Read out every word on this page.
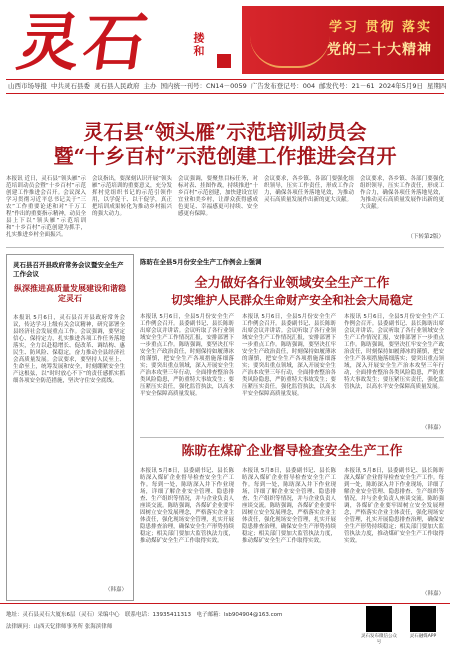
灵石	搂和
学习 贯彻 落实
党的二十大精神
山西市场导报 中共灵石县委 灵石县人民政府 主办 国内统一刊号：CN14－0059 广告发布登记号：004 邮发代号：21－61 2024年5月9日 星期四
灵石县“领头雁”示范培训动员会
暨“十乡百村”示范创建工作推进会召开
本报讯 近日，灵石县“领头雁”示范培训动员会暨“十乡百村”示范创建工作推进会召开。会议深入学习贯彻习近平总书记关于“三农”工作重要论述和对“千万工程”作出的重要指示精神，动员全县上下以“领头雁”示范培训和“十乡百村”示范创建为抓手，扎实推进乡村全面振兴。
会议指出，要深刻认识开展“领头雁”示范培训的重要意义，充分发挥村党组织书记的示范引领作用，以学促干、以干促学，真正把培训成果转化为推动乡村振兴的强大动力。
会议强调，要聚焦目标任务，对标对表、挂图作战，持续推进“十乡百村”示范创建，加快建设宜居宜业和美乡村，让群众获得感成色更足、幸福感更可持续、安全感更有保障。
会议要求，各乡镇、各部门要强化组织领导，压实工作责任，形成工作合力，确保各项任务落地见效，为推动灵石高质量发展作出新的更大贡献。
会议要求，各乡镇、各部门要强化组织领导，压实工作责任，形成工作合力，确保各项任务落地见效，为推动灵石高质量发展作出新的更大贡献。
（下转第2版）
灵石县召开县政府常务会议暨安全生产工作会议
纵深推进高质量发展建设和谐稳定灵石
本报讯 5月6日，灵石县召开县政府常务会议，传达学习上级有关会议精神，研究部署全县经济社会发展重点工作。会议强调，要坚定信心、保持定力，扎实推进各项工作任务落地落实，全力以赴稳增长、促改革、调结构、惠民生、防风险、保稳定，奋力推动全县经济社会高质量发展。会议要求，要坚持人民至上、生命至上，统筹发展和安全，时刻绷紧安全生产这根弦，以“时时放心不下”的责任感抓实抓细各项安全防范措施，坚决守住安全底线。
（韩嘉）
陈昉在全县5月份安全生产工作例会上强调
全力做好各行业领域安全生产工作
切实维护人民群众生命财产安全和社会大局稳定
本报讯 5月6日，全县5月份安全生产工作例会召开。县委副书记、县长陈昉出席会议并讲话。会议听取了各行业领域安全生产工作情况汇报，安排部署下一步重点工作。陈昉强调，要坚决扛牢安全生产政治责任，时刻保持如履薄冰的谨慎，把安全生产各项措施落细落实；要突出重点领域，深入开展安全生产治本攻坚三年行动，全面排查整治各类风险隐患，严防重特大事故发生；要压紧压实责任，强化监管执法，以高水平安全保障高质量发展。
本报讯 5月6日，全县5月份安全生产工作例会召开。县委副书记、县长陈昉出席会议并讲话。会议听取了各行业领域安全生产工作情况汇报，安排部署下一步重点工作。陈昉强调，要坚决扛牢安全生产政治责任，时刻保持如履薄冰的谨慎，把安全生产各项措施落细落实；要突出重点领域，深入开展安全生产治本攻坚三年行动，全面排查整治各类风险隐患，严防重特大事故发生；要压紧压实责任，强化监管执法，以高水平安全保障高质量发展。
本报讯 5月6日，全县5月份安全生产工作例会召开。县委副书记、县长陈昉出席会议并讲话。会议听取了各行业领域安全生产工作情况汇报，安排部署下一步重点工作。陈昉强调，要坚决扛牢安全生产政治责任，时刻保持如履薄冰的谨慎，把安全生产各项措施落细落实；要突出重点领域，深入开展安全生产治本攻坚三年行动，全面排查整治各类风险隐患，严防重特大事故发生；要压紧压实责任，强化监管执法，以高水平安全保障高质量发展。
（韩嘉）
陈昉在煤矿企业督导检查安全生产工作
本报讯 5月8日，县委副书记、县长陈昉深入煤矿企业督导检查安全生产工作。每到一处，陈昉深入井下作业现场，详细了解企业安全管理、隐患排查、生产组织等情况，并与企业负责人座谈交流。陈昉强调，各煤矿企业要牢固树立安全发展理念，严格落实企业主体责任，强化现场安全管理，扎实开展隐患排查治理，确保安全生产形势持续稳定；相关部门要加大监管执法力度，推动煤矿安全生产工作取得实效。
本报讯 5月8日，县委副书记、县长陈昉深入煤矿企业督导检查安全生产工作。每到一处，陈昉深入井下作业现场，详细了解企业安全管理、隐患排查、生产组织等情况，并与企业负责人座谈交流。陈昉强调，各煤矿企业要牢固树立安全发展理念，严格落实企业主体责任，强化现场安全管理，扎实开展隐患排查治理，确保安全生产形势持续稳定；相关部门要加大监管执法力度，推动煤矿安全生产工作取得实效。
本报讯 5月8日，县委副书记、县长陈昉深入煤矿企业督导检查安全生产工作。每到一处，陈昉深入井下作业现场，详细了解企业安全管理、隐患排查、生产组织等情况，并与企业负责人座谈交流。陈昉强调，各煤矿企业要牢固树立安全发展理念，严格落实企业主体责任，强化现场安全管理，扎实开展隐患排查治理，确保安全生产形势持续稳定；相关部门要加大监管执法力度，推动煤矿安全生产工作取得实效。
（韩嘉）
地址：灵石县灵石大厦东6层（灵石）采编中心　联系电话：13935411313　电子邮箱：lsb904904@163.com
法律顾问：山西天钇律师事务所 张海滨律师
灵石发布微信公众号
灵石融媒APP
